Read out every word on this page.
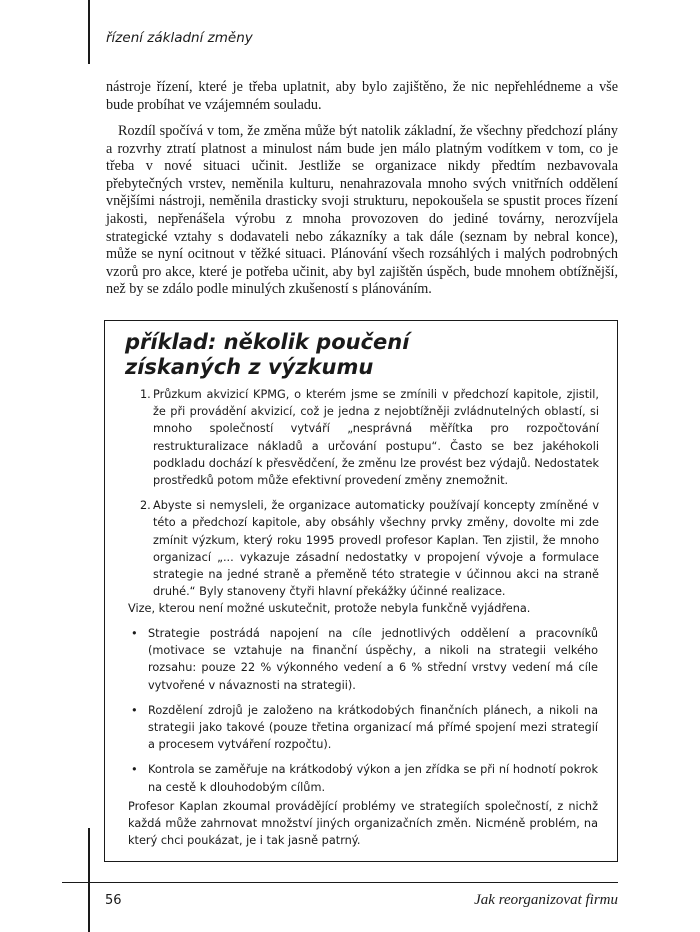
řízení základní změny

nástroje řízení, které je třeba uplatnit, aby bylo zajištěno, že nic nepřehlédneme a vše bude probíhat ve vzájemném souladu.

Rozdíl spočívá v tom, že změna může být natolik základní, že všechny předchozí plány a rozvrhy ztratí platnost a minulost nám bude jen málo platným vodítkem v tom, co je třeba v nové situaci učinit. Jestliže se organizace nikdy předtím nezbavovala přebytečných vrstev, neměnila kulturu, nenahrazovala mnoho svých vnitřních oddělení vnějšími nástroji, neměnila drasticky svoji strukturu, nepokoušela se spustit proces řízení jakosti, nepřenášela výrobu z mnoha provozoven do jediné továrny, nerozvíjela strategické vztahy s dodavateli nebo zákazníky a tak dále (seznam by nebral konce), může se nyní ocitnout v těžké situaci. Plánování všech rozsáhlých i malých podrobných vzorů pro akce, které je potřeba učinit, aby byl zajištěn úspěch, bude mnohem obtížnější, než by se zdálo podle minulých zkušeností s plánováním.

příklad: několik poučení
získaných z výzkumu
1. Průzkum akvizicí KPMG, o kterém jsme se zmínili v předchozí kapitole, zjistil, že při provádění akvizicí, což je jedna z nejobtížněji zvládnutelných oblastí, si mnoho společností vytváří „nesprávná měřítka pro rozpočtování restrukturalizace nákladů a určování postupu“. Často se bez jakéhokoli podkladu dochází k přesvědčení, že změnu lze provést bez výdajů. Nedostatek prostředků potom může efektivní provedení změny znemožnit.
2. Abyste si nemysleli, že organizace automaticky používají koncepty zmíněné v této a předchozí kapitole, aby obsáhly všechny prvky změny, dovolte mi zde zmínit výzkum, který roku 1995 provedl profesor Kaplan. Ten zjistil, že mnoho organizací „... vykazuje zásadní nedostatky v propojení vývoje a formulace strategie na jedné straně a přeměně této strategie v účinnou akci na straně druhé.“ Byly stanoveny čtyři hlavní překážky účinné realizace.

Vize, kterou není možné uskutečnit, protože nebyla funkčně vyjádřena.

• Strategie postrádá napojení na cíle jednotlivých oddělení a pracovníků (motivace se vztahuje na finanční úspěchy, a nikoli na strategii velkého rozsahu: pouze 22 % výkonného vedení a 6 % střední vrstvy vedení má cíle vytvořené v návaznosti na strategii).
• Rozdělení zdrojů je založeno na krátkodobých finančních plánech, a nikoli na strategii jako takové (pouze třetina organizací má přímé spojení mezi strategií a procesem vytváření rozpočtu).
• Kontrola se zaměřuje na krátkodobý výkon a jen zřídka se při ní hodnotí pokrok na cestě k dlouhodobým cílům.

Profesor Kaplan zkoumal provádějící problémy ve strategiích společností, z nichž každá může zahrnovat množství jiných organizačních změn. Nicméně problém, na který chci poukázat, je i tak jasně patrný.

56	Jak reorganizovat firmu
